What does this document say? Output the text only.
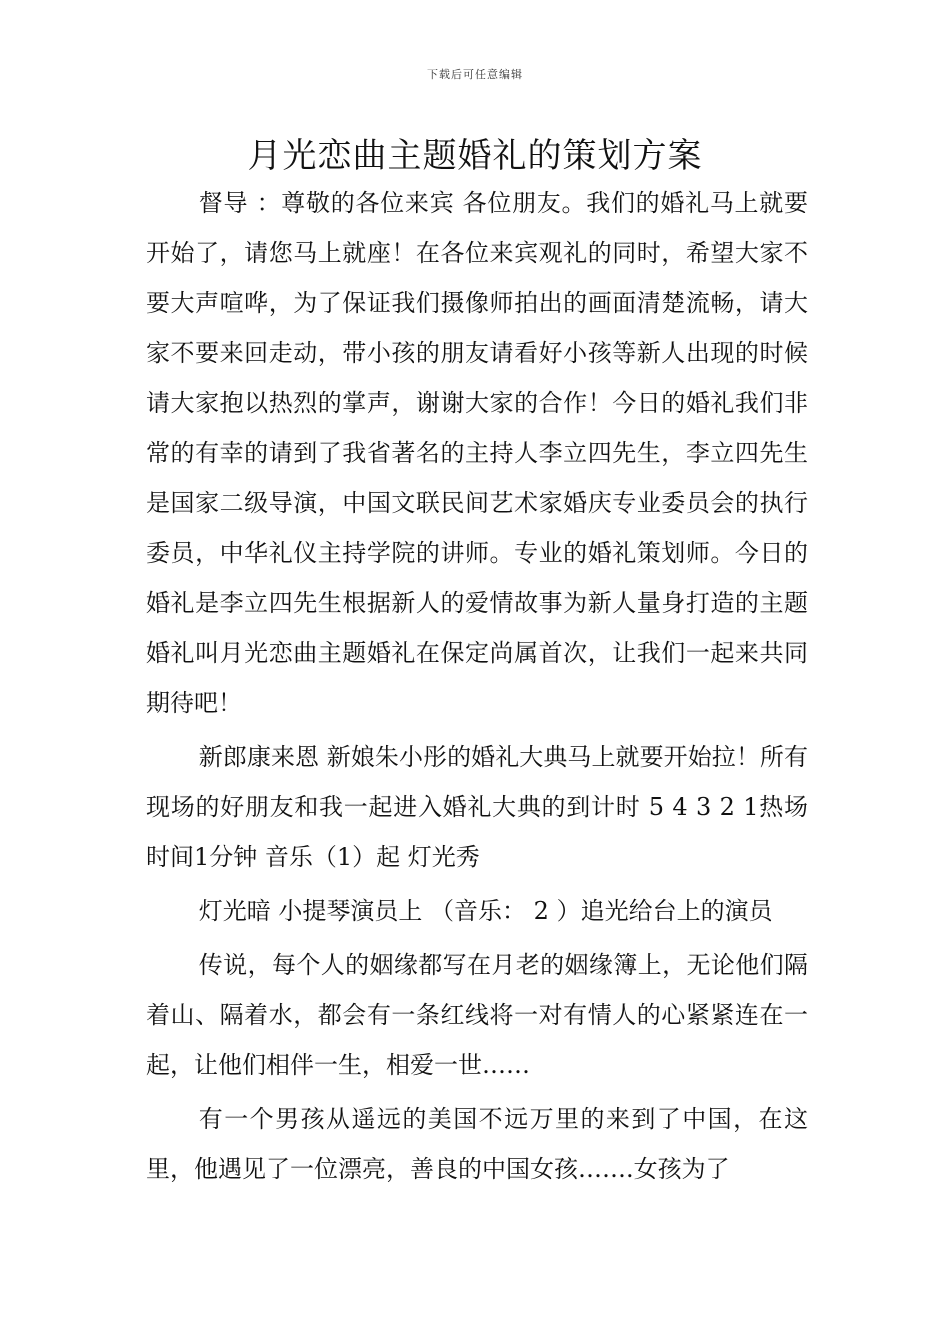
下载后可任意编辑
月光恋曲主题婚礼的策划方案

督导 ：尊敬的各位来宾 各位朋友。我们的婚礼马上就要开始了，请您马上就座！在各位来宾观礼的同时，希望大家不要大声喧哗，为了保证我们摄像师拍出的画面清楚流畅，请大家不要来回走动，带小孩的朋友请看好小孩等新人出现的时候请大家抱以热烈的掌声，谢谢大家的合作！今日的婚礼我们非常的有幸的请到了我省著名的主持人李立四先生，李立四先生是国家二级导演，中国文联民间艺术家婚庆专业委员会的执行委员，中华礼仪主持学院的讲师。专业的婚礼策划师。今日的婚礼是李立四先生根据新人的爱情故事为新人量身打造的主题婚礼叫月光恋曲主题婚礼在保定尚属首次，让我们一起来共同期待吧！

新郎康来恩 新娘朱小彤的婚礼大典马上就要开始拉！所有现场的好朋友和我一起进入婚礼大典的到计时 5 4 3 2 1热场 时间1分钟 音乐（1）起 灯光秀

灯光暗 小提琴演员上 （音乐： 2 ）追光给台上的演员

传说，每个人的姻缘都写在月老的姻缘簿上，无论他们隔着山、隔着水，都会有一条红线将一对有情人的心紧紧连在一起，让他们相伴一生，相爱一世……

有一个男孩从遥远的美国不远万里的来到了中国，在这里，他遇见了一位漂亮，善良的中国女孩…….女孩为了
